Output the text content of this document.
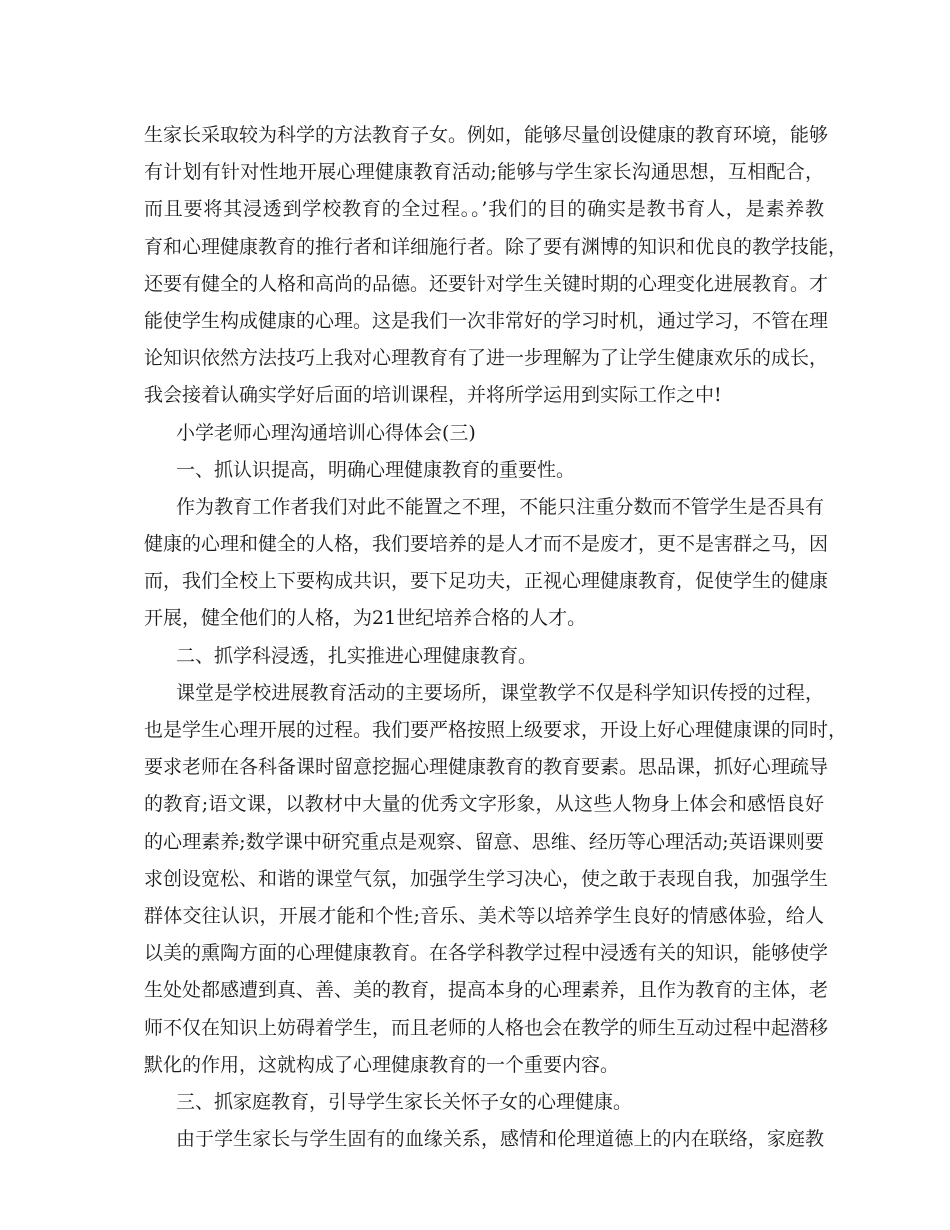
生家长采取较为科学的方法教育子女。例如，能够尽量创设健康的教育环境，能够
有计划有针对性地开展心理健康教育活动;能够与学生家长沟通思想，互相配合，
而且要将其浸透到学校教育的全过程。。’我们的目的确实是教书育人，是素养教
育和心理健康教育的推行者和详细施行者。除了要有渊博的知识和优良的教学技能，
还要有健全的人格和高尚的品德。还要针对学生关键时期的心理变化进展教育。才
能使学生构成健康的心理。这是我们一次非常好的学习时机，通过学习，不管在理
论知识依然方法技巧上我对心理教育有了进一步理解为了让学生健康欢乐的成长，
我会接着认确实学好后面的培训课程，并将所学运用到实际工作之中!
小学老师心理沟通培训心得体会(三)
一、抓认识提高，明确心理健康教育的重要性。
作为教育工作者我们对此不能置之不理，不能只注重分数而不管学生是否具有
健康的心理和健全的人格，我们要培养的是人才而不是废才，更不是害群之马，因
而，我们全校上下要构成共识，要下足功夫，正视心理健康教育，促使学生的健康
开展，健全他们的人格，为21世纪培养合格的人才。
二、抓学科浸透，扎实推进心理健康教育。
课堂是学校进展教育活动的主要场所，课堂教学不仅是科学知识传授的过程，
也是学生心理开展的过程。我们要严格按照上级要求，开设上好心理健康课的同时，
要求老师在各科备课时留意挖掘心理健康教育的教育要素。思品课，抓好心理疏导
的教育;语文课，以教材中大量的优秀文字形象，从这些人物身上体会和感悟良好
的心理素养;数学课中研究重点是观察、留意、思维、经历等心理活动;英语课则要
求创设宽松、和谐的课堂气氛，加强学生学习决心，使之敢于表现自我，加强学生
群体交往认识，开展才能和个性;音乐、美术等以培养学生良好的情感体验，给人
以美的熏陶方面的心理健康教育。在各学科教学过程中浸透有关的知识，能够使学
生处处都感遭到真、善、美的教育，提高本身的心理素养，且作为教育的主体，老
师不仅在知识上妨碍着学生，而且老师的人格也会在教学的师生互动过程中起潜移
默化的作用，这就构成了心理健康教育的一个重要内容。
三、抓家庭教育，引导学生家长关怀子女的心理健康。
由于学生家长与学生固有的血缘关系，感情和伦理道德上的内在联络，家庭教
